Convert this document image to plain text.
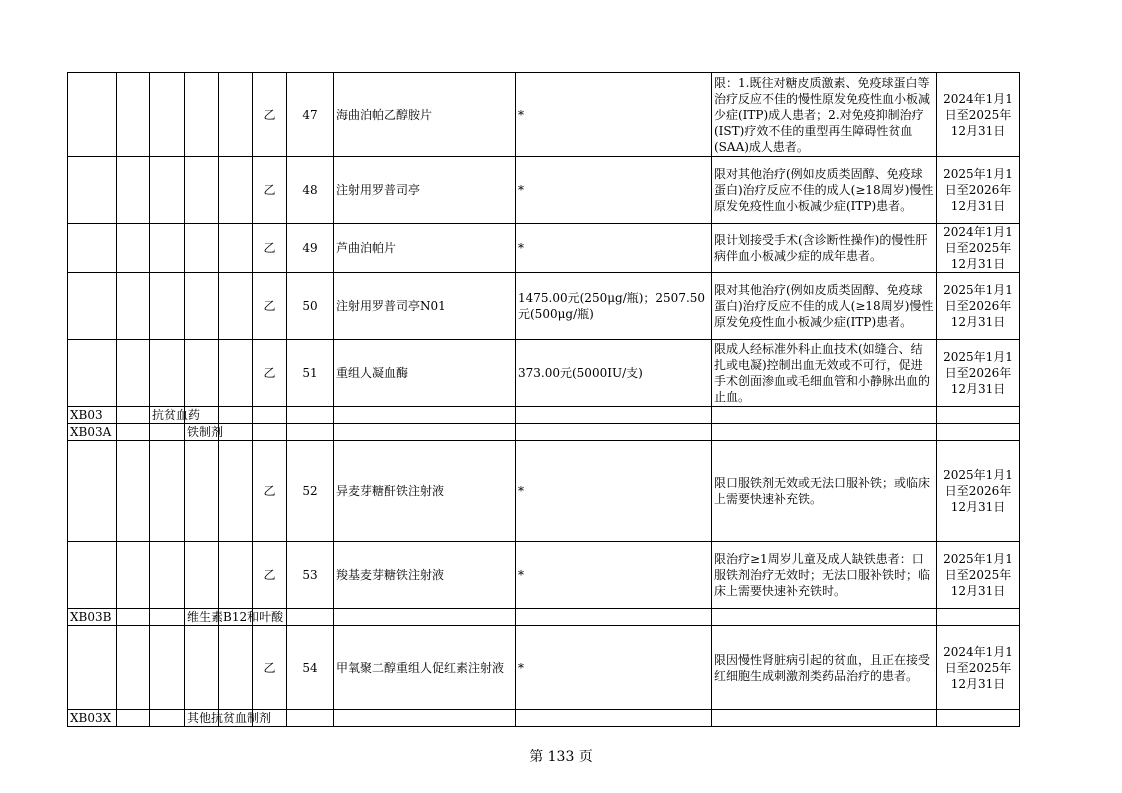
					乙	47	海曲泊帕乙醇胺片	*	限：1.既往对糖皮质激素、免疫球蛋白等治疗反应不佳的慢性原发免疫性血小板减少症(ITP)成人患者；2.对免疫抑制治疗(IST)疗效不佳的重型再生障碍性贫血(SAA)成人患者。	2024年1月1日至2025年12月31日
					乙	48	注射用罗普司亭	*	限对其他治疗(例如皮质类固醇、免疫球蛋白)治疗反应不佳的成人(≥18周岁)慢性原发免疫性血小板减少症(ITP)患者。	2025年1月1日至2026年12月31日
					乙	49	芦曲泊帕片	*	限计划接受手术(含诊断性操作)的慢性肝病伴血小板减少症的成年患者。	2024年1月1日至2025年12月31日
					乙	50	注射用罗普司亭N01	1475.00元(250μg/瓶)；2507.50元(500μg/瓶)	限对其他治疗(例如皮质类固醇、免疫球蛋白)治疗反应不佳的成人(≥18周岁)慢性原发免疫性血小板减少症(ITP)患者。	2025年1月1日至2026年12月31日
					乙	51	重组人凝血酶	373.00元(5000IU/支)	限成人经标准外科止血技术(如缝合、结扎或电凝)控制出血无效或不可行，促进手术创面渗血或毛细血管和小静脉出血的止血。	2025年1月1日至2026年12月31日
XB03		抗贫血药								
XB03A			铁制剂							
					乙	52	异麦芽糖酐铁注射液	*	限口服铁剂无效或无法口服补铁；或临床上需要快速补充铁。	2025年1月1日至2026年12月31日
					乙	53	羧基麦芽糖铁注射液	*	限治疗≥1周岁儿童及成人缺铁患者：口服铁剂治疗无效时；无法口服补铁时；临床上需要快速补充铁时。	2025年1月1日至2025年12月31日
XB03B			维生素B12和叶酸							
					乙	54	甲氧聚二醇重组人促红素注射液	*	限因慢性肾脏病引起的贫血，且正在接受红细胞生成刺激剂类药品治疗的患者。	2024年1月1日至2025年12月31日
XB03X			其他抗贫血制剂							
第 133 页
